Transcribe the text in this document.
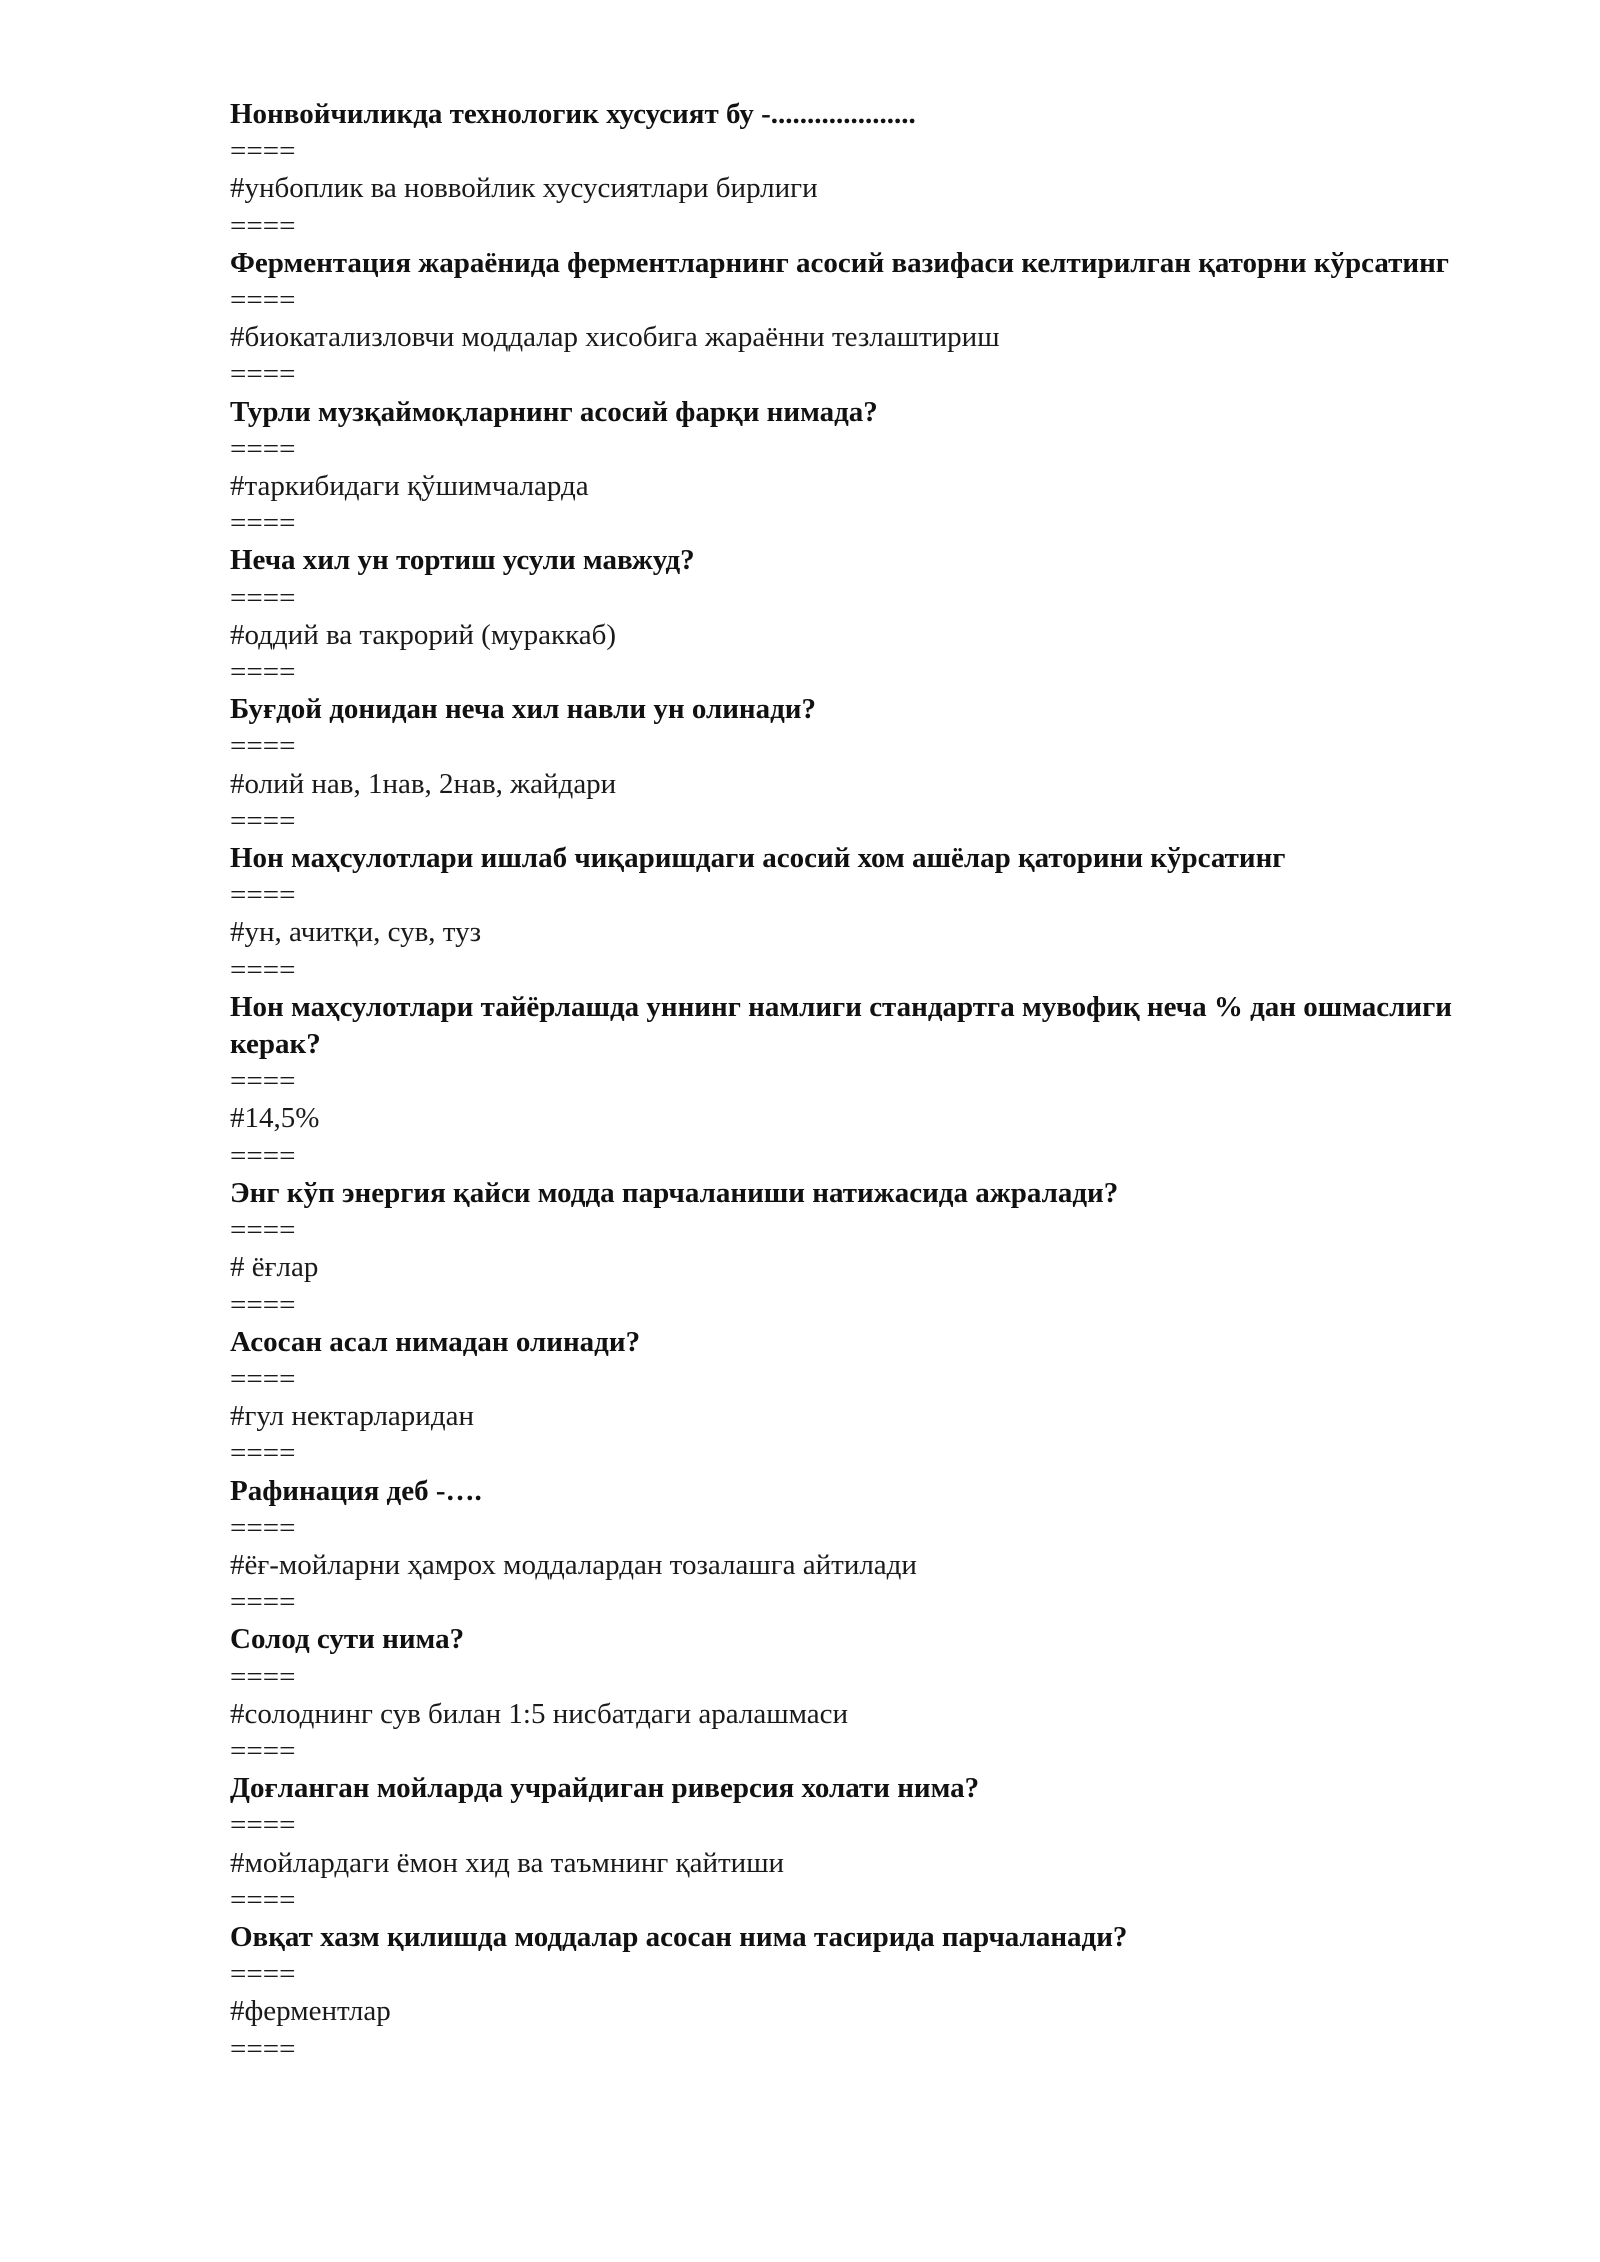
Нонвойчиликда технологик хусусият бу -....................
====
#унбоплик ва новвойлик хусусиятлари бирлиги
====
Ферментация жараёнида ферментларнинг асосий вазифаси келтирилган қаторни кўрсатинг
====
#биокатализловчи моддалар хисобига жараённи тезлаштириш
====
Турли музқаймоқларнинг асосий фарқи нимада?
====
#таркибидаги қўшимчаларда
====
Неча хил ун тортиш усули мавжуд?
====
#оддий ва такрорий (мураккаб)
====
Буғдой донидан неча хил навли ун олинади?
====
#олий нав, 1нав, 2нав, жайдари
====
Нон маҳсулотлари ишлаб чиқаришдаги асосий хом ашёлар қаторини кўрсатинг
====
#ун, ачитқи, сув, туз
====
Нон маҳсулотлари тайёрлашда уннинг намлиги стандартга мувофиқ неча % дан ошмаслиги керак?
====
#14,5%
====
Энг кўп энергия қайси модда парчаланиши натижасида ажралади?
====
# ёғлар
====
Асосан асал нимадан олинади?
====
#гул нектарларидан
====
Рафинация деб -….
====
#ёғ-мойларни ҳамрох моддалардан тозалашга айтилади
====
Солод сути нима?
====
#солоднинг сув билан 1:5 нисбатдаги аралашмаси
====
Доғланган мойларда учрайдиган риверсия холати нима?
====
#мойлардаги ёмон хид ва таъмнинг қайтиши
====
Овқат хазм қилишда моддалар асосан нима тасирида парчаланади?
====
#ферментлар
====
